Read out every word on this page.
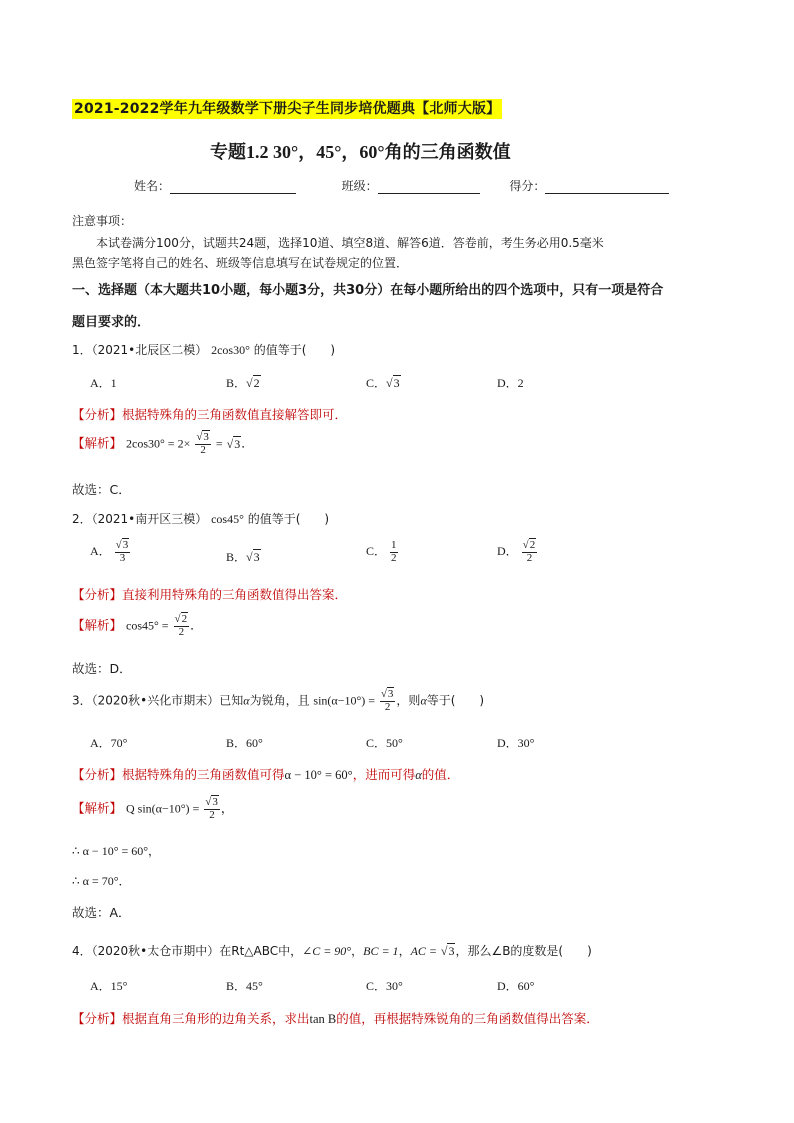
2021-2022学年九年级数学下册尖子生同步培优题典【北师大版】
专题1.2 30°，45°，60°角的三角函数值
姓名：	班级：	得分：
注意事项：
本试卷满分100分，试题共24题，选择10道、填空8道、解答6道．答卷前，考生务必用0.5毫米
黑色签字笔将自己的姓名、班级等信息填写在试卷规定的位置．
一、选择题（本大题共10小题，每小题3分，共30分）在每小题所给出的四个选项中，只有一项是符合
题目要求的．
1．（2021•北辰区二模） 2cos30° 的值等于(　　)
A．1	B．√2	C．√3	D．2
【分析】根据特殊角的三角函数值直接解答即可．
【解析】 $2\cos 30^\circ = 2\times \frac{√3}{2} = √3$．
故选：C．
2．（2021•南开区三模） cos45° 的值等于(　　)
A． $\frac{√3}{3}$	B．√3	C． $\frac{1}{2}$	D． $\frac{√2}{2}$
【分析】直接利用特殊角的三角函数值得出答案．
【解析】 $\cos 45^\circ = \frac{√2}{2}$ ．
故选：D．
3．（2020秋•兴化市期末）已知α为锐角，且 $\sin(\alpha-10^\circ) = \frac{√3}{2}$ ，则α等于(　　)
A．70°	B．60°	C．50°	D．30°
【分析】根据特殊角的三角函数值可得α − 10° = 60°，进而可得α的值．
【解析】 Q $\sin(\alpha-10^\circ) = \frac{√3}{2}$ ，
∴ α − 10° = 60°，
∴ α = 70°．
故选：A．
4．（2020秋•太仓市期中）在Rt△ABC中，∠C = 90°，BC = 1，AC = √3，那么∠B的度数是(　　)
A．15°	B．45°	C．30°	D．60°
【分析】根据直角三角形的边角关系，求出tan B的值，再根据特殊锐角的三角函数值得出答案．
